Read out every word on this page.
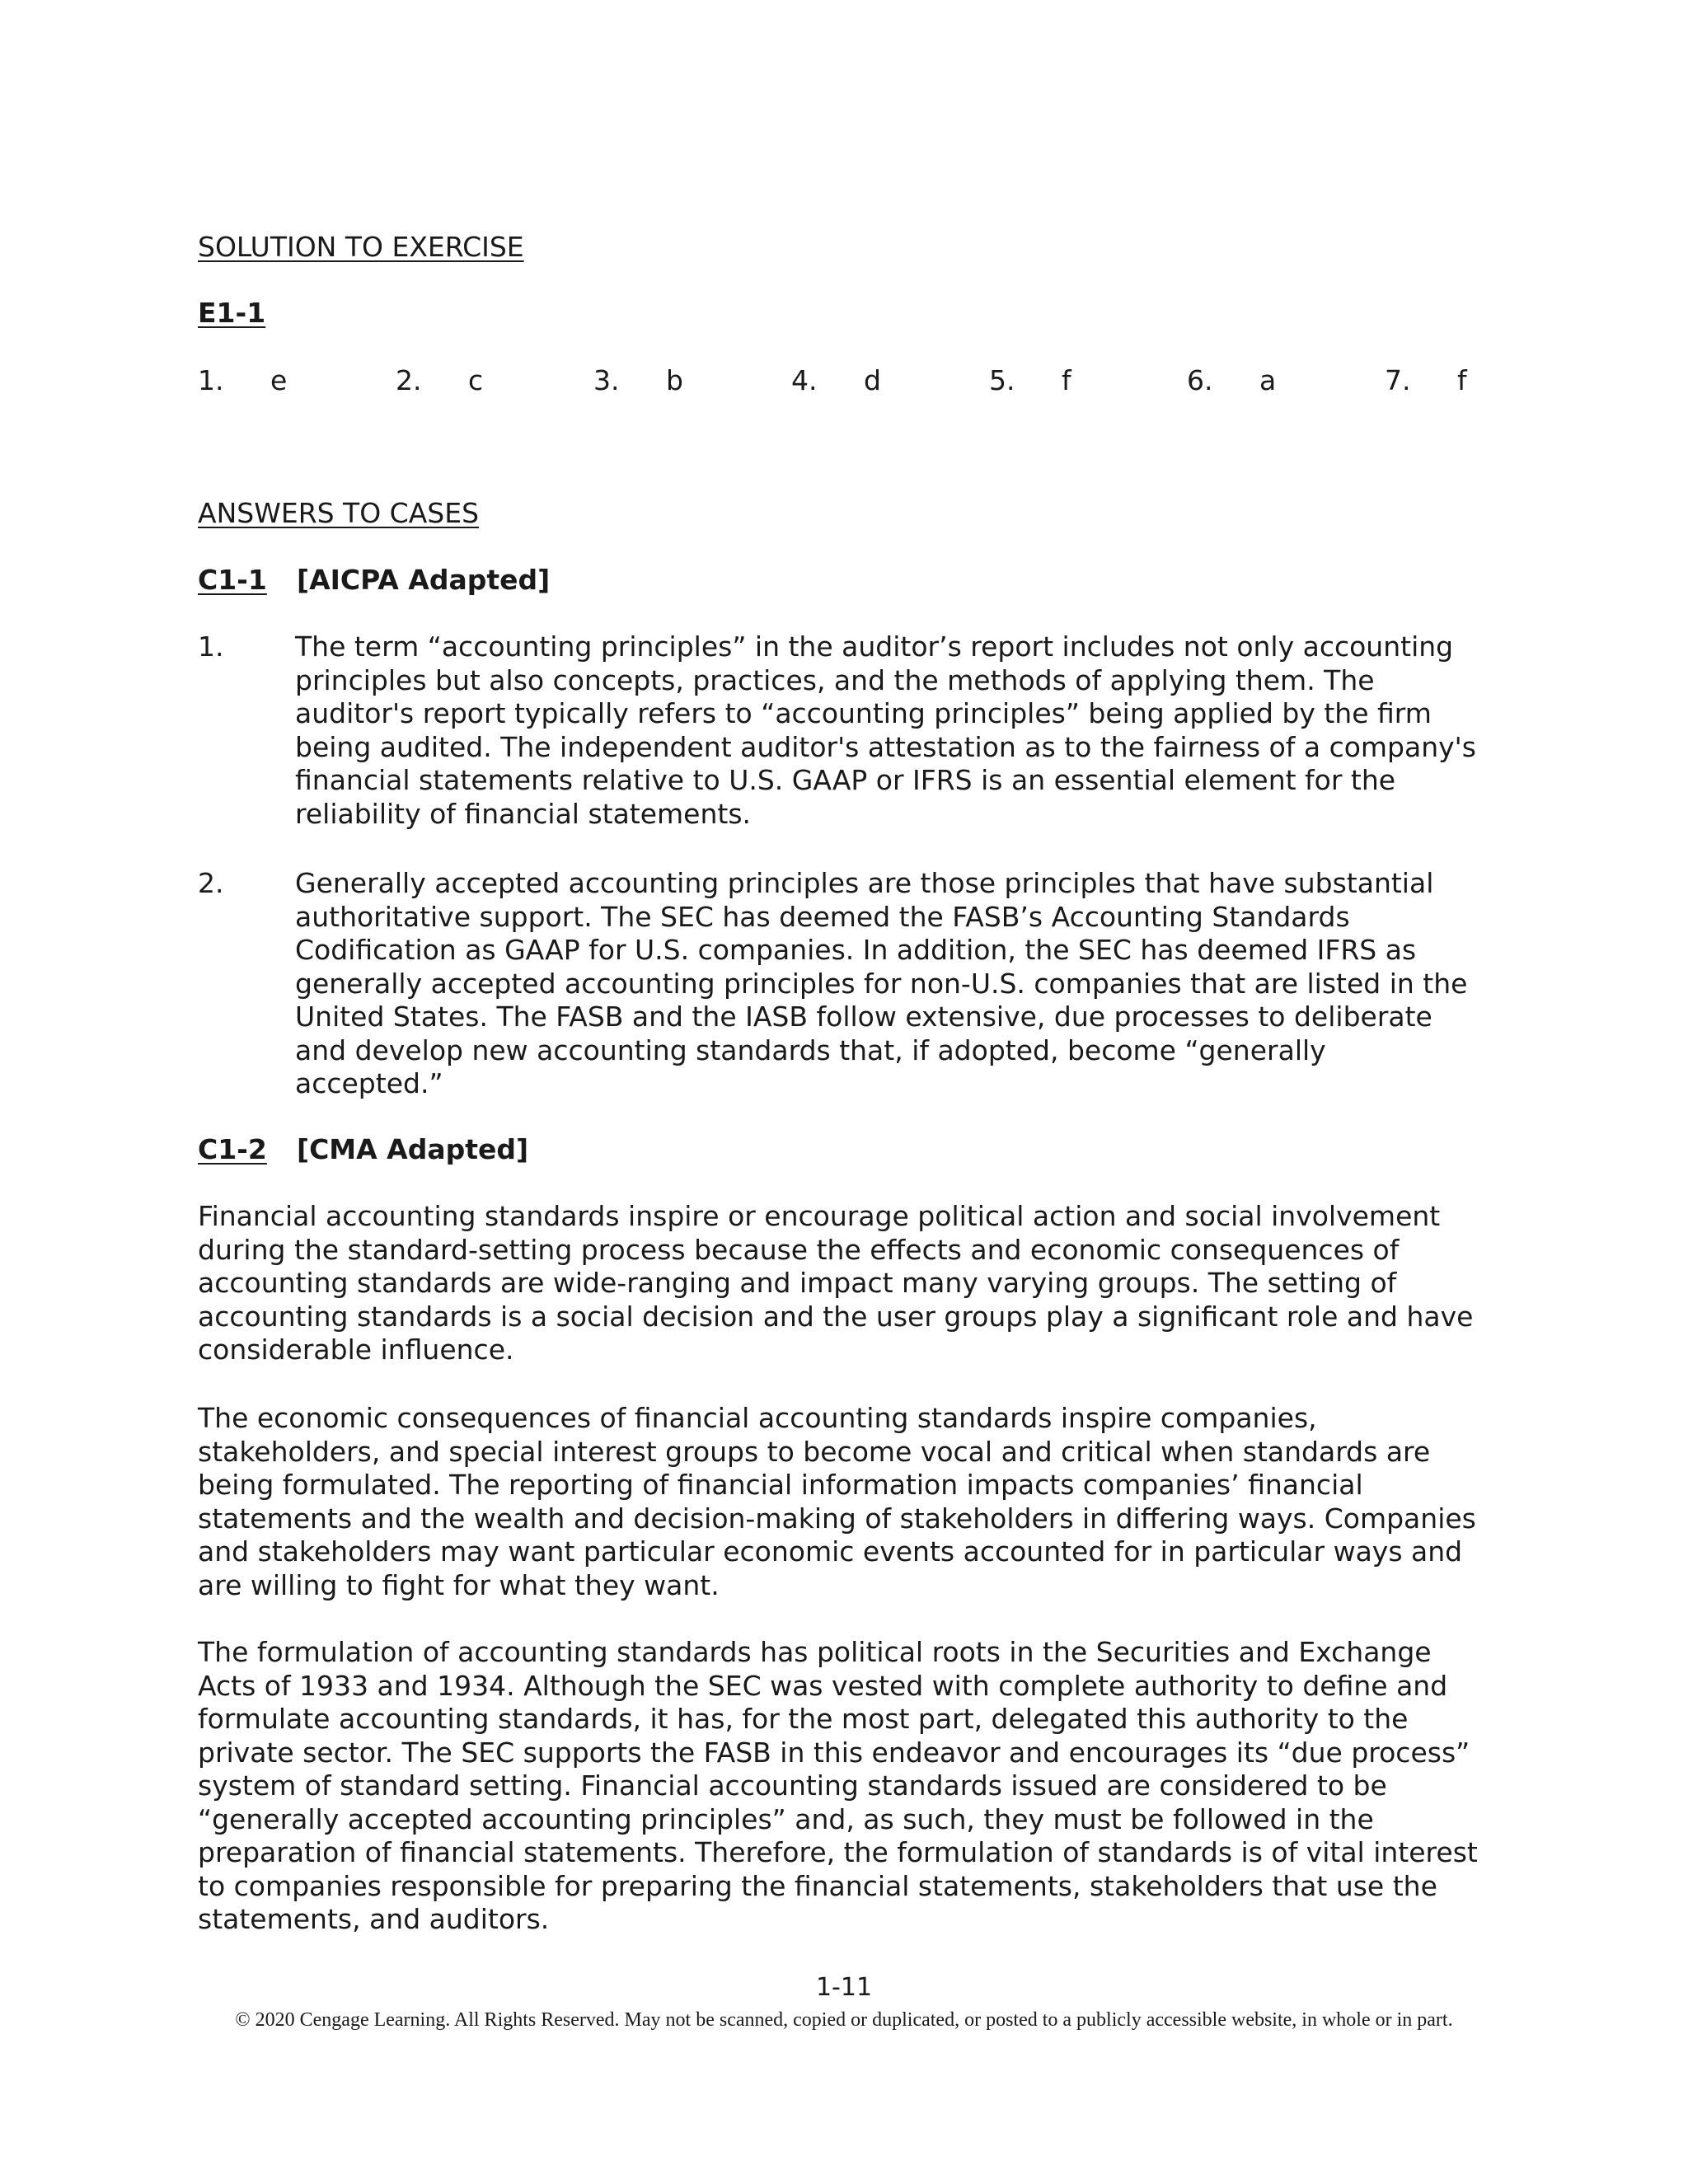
SOLUTION TO EXERCISE

E1-1

1. e	2. c	3. b	4. d	5. f	6. a	7. f

ANSWERS TO CASES

C1-1 [AICPA Adapted]

1.	The term “accounting principles” in the auditor’s report includes not only accounting principles but also concepts, practices, and the methods of applying them. The auditor's report typically refers to “accounting principles” being applied by the firm being audited. The independent auditor's attestation as to the fairness of a company's financial statements relative to U.S. GAAP or IFRS is an essential element for the reliability of financial statements.
2.	Generally accepted accounting principles are those principles that have substantial authoritative support. The SEC has deemed the FASB’s Accounting Standards Codification as GAAP for U.S. companies. In addition, the SEC has deemed IFRS as generally accepted accounting principles for non-U.S. companies that are listed in the United States. The FASB and the IASB follow extensive, due processes to deliberate and develop new accounting standards that, if adopted, become “generally accepted.”

C1-2 [CMA Adapted]

Financial accounting standards inspire or encourage political action and social involvement during the standard-setting process because the effects and economic consequences of accounting standards are wide-ranging and impact many varying groups. The setting of accounting standards is a social decision and the user groups play a significant role and have considerable influence.

The economic consequences of financial accounting standards inspire companies, stakeholders, and special interest groups to become vocal and critical when standards are being formulated. The reporting of financial information impacts companies’ financial statements and the wealth and decision-making of stakeholders in differing ways. Companies and stakeholders may want particular economic events accounted for in particular ways and are willing to fight for what they want.

The formulation of accounting standards has political roots in the Securities and Exchange Acts of 1933 and 1934. Although the SEC was vested with complete authority to define and formulate accounting standards, it has, for the most part, delegated this authority to the private sector. The SEC supports the FASB in this endeavor and encourages its “due process” system of standard setting. Financial accounting standards issued are considered to be “generally accepted accounting principles” and, as such, they must be followed in the preparation of financial statements. Therefore, the formulation of standards is of vital interest to companies responsible for preparing the financial statements, stakeholders that use the statements, and auditors.

1-11
© 2020 Cengage Learning. All Rights Reserved. May not be scanned, copied or duplicated, or posted to a publicly accessible website, in whole or in part.
